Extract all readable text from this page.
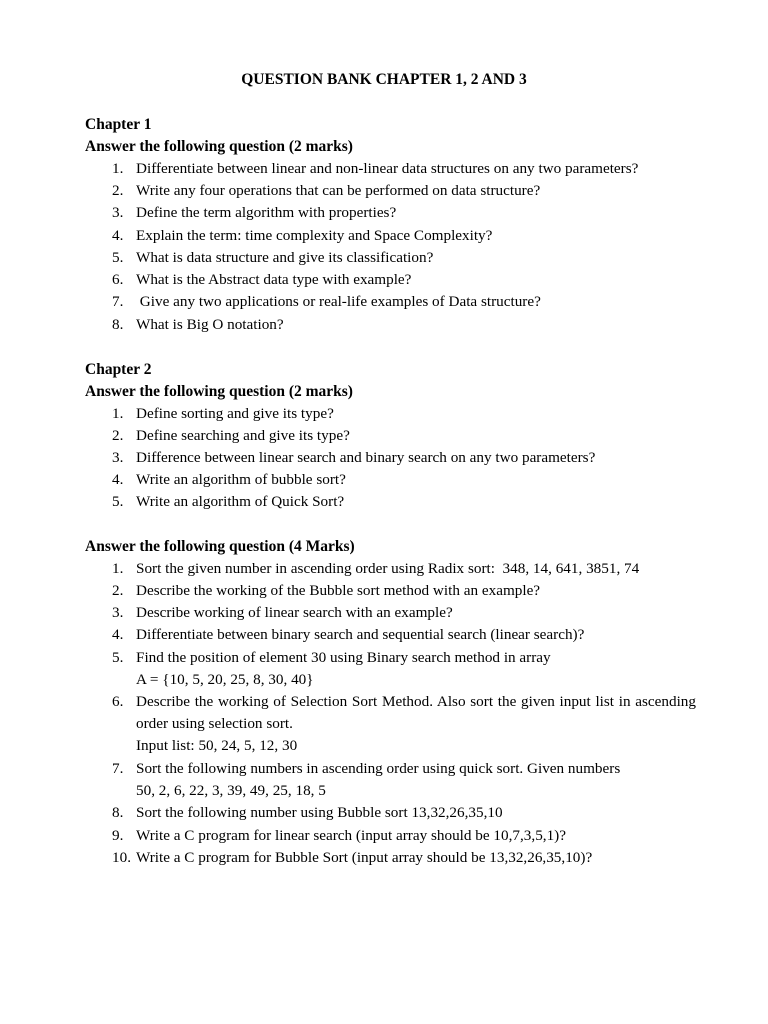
QUESTION BANK CHAPTER 1, 2 AND 3
Chapter 1
Answer the following question (2 marks)
1. Differentiate between linear and non-linear data structures on any two parameters?
2. Write any four operations that can be performed on data structure?
3. Define the term algorithm with properties?
4. Explain the term: time complexity and Space Complexity?
5. What is data structure and give its classification?
6. What is the Abstract data type with example?
7. Give any two applications or real-life examples of Data structure?
8. What is Big O notation?
Chapter 2
Answer the following question (2 marks)
1. Define sorting and give its type?
2. Define searching and give its type?
3. Difference between linear search and binary search on any two parameters?
4. Write an algorithm of bubble sort?
5. Write an algorithm of Quick Sort?
Answer the following question (4 Marks)
1. Sort the given number in ascending order using Radix sort:  348, 14, 641, 3851, 74
2. Describe the working of the Bubble sort method with an example?
3. Describe working of linear search with an example?
4. Differentiate between binary search and sequential search (linear search)?
5. Find the position of element 30 using Binary search method in array
A = {10, 5, 20, 25, 8, 30, 40}
6. Describe the working of Selection Sort Method. Also sort the given input list in ascending order using selection sort.
Input list: 50, 24, 5, 12, 30
7. Sort the following numbers in ascending order using quick sort. Given numbers
50, 2, 6, 22, 3, 39, 49, 25, 18, 5
8. Sort the following number using Bubble sort 13,32,26,35,10
9. Write a C program for linear search (input array should be 10,7,3,5,1)?
10. Write a C program for Bubble Sort (input array should be 13,32,26,35,10)?
